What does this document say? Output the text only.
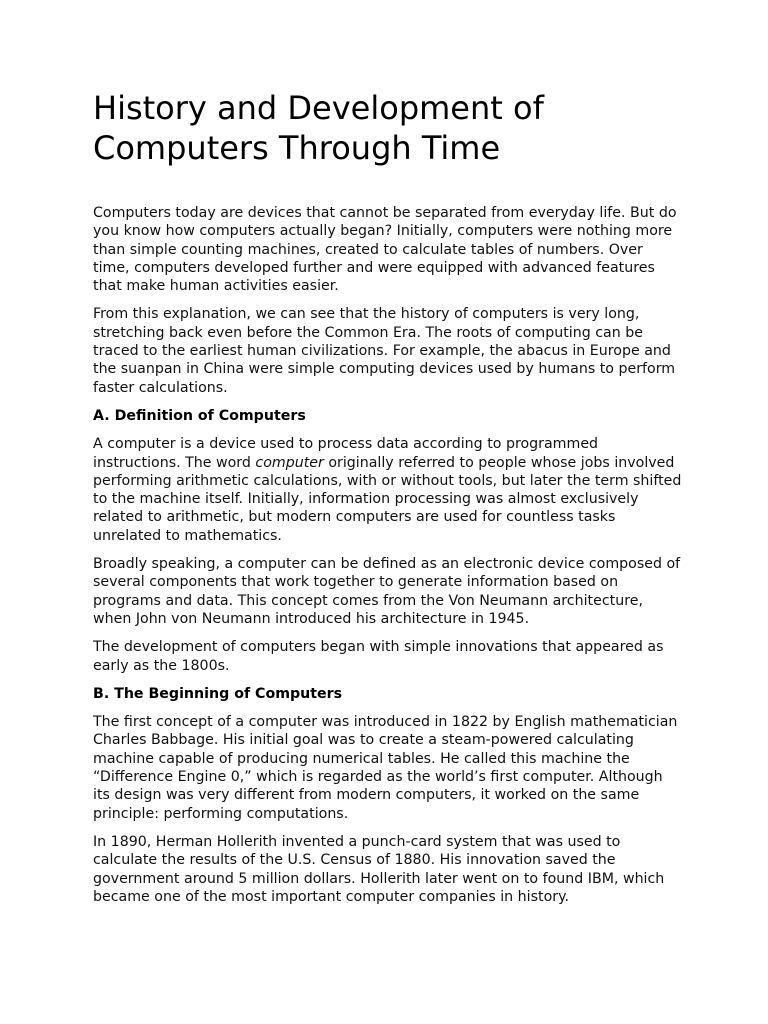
History and Development of Computers Through Time

Computers today are devices that cannot be separated from everyday life. But do you know how computers actually began? Initially, computers were nothing more than simple counting machines, created to calculate tables of numbers. Over time, computers developed further and were equipped with advanced features that make human activities easier.

From this explanation, we can see that the history of computers is very long, stretching back even before the Common Era. The roots of computing can be traced to the earliest human civilizations. For example, the abacus in Europe and the suanpan in China were simple computing devices used by humans to perform faster calculations.

A. Definition of Computers

A computer is a device used to process data according to programmed instructions. The word computer originally referred to people whose jobs involved performing arithmetic calculations, with or without tools, but later the term shifted to the machine itself. Initially, information processing was almost exclusively related to arithmetic, but modern computers are used for countless tasks unrelated to mathematics.

Broadly speaking, a computer can be defined as an electronic device composed of several components that work together to generate information based on programs and data. This concept comes from the Von Neumann architecture, when John von Neumann introduced his architecture in 1945.

The development of computers began with simple innovations that appeared as early as the 1800s.

B. The Beginning of Computers

The first concept of a computer was introduced in 1822 by English mathematician Charles Babbage. His initial goal was to create a steam-powered calculating machine capable of producing numerical tables. He called this machine the “Difference Engine 0,” which is regarded as the world’s first computer. Although its design was very different from modern computers, it worked on the same principle: performing computations.

In 1890, Herman Hollerith invented a punch-card system that was used to calculate the results of the U.S. Census of 1880. His innovation saved the government around 5 million dollars. Hollerith later went on to found IBM, which became one of the most important computer companies in history.
